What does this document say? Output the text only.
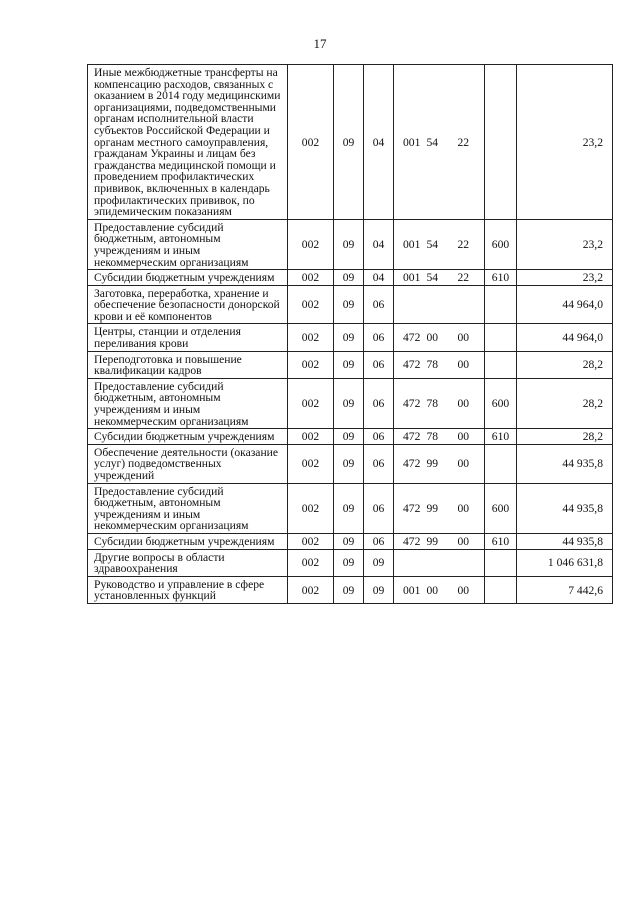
17
Иные межбюджетные трансферты на компенсацию расходов, связанных с оказанием в 2014 году медицинскими организациями, подведомственными органам исполнительной власти субъектов Российской Федерации и органам местного самоуправления, гражданам Украины и лицам без гражданства медицинской помощи и проведением профилактических прививок, включенных в календарь профилактических прививок, по эпидемическим показаниям	002	09	04	001	54	22		23,2
Предоставление субсидий бюджетным, автономным учреждениям и иным некоммерческим организациям	002	09	04	001	54	22	600	23,2
Субсидии бюджетным учреждениям	002	09	04	001	54	22	610	23,2
Заготовка, переработка, хранение и обеспечение безопасности донорской крови и её компонентов	002	09	06					44 964,0
Центры, станции и отделения переливания крови	002	09	06	472	00	00		44 964,0
Переподготовка и повышение квалификации кадров	002	09	06	472	78	00		28,2
Предоставление субсидий бюджетным, автономным учреждениям и иным некоммерческим организациям	002	09	06	472	78	00	600	28,2
Субсидии бюджетным учреждениям	002	09	06	472	78	00	610	28,2
Обеспечение деятельности (оказание услуг) подведомственных учреждений	002	09	06	472	99	00		44 935,8
Предоставление субсидий бюджетным, автономным учреждениям и иным некоммерческим организациям	002	09	06	472	99	00	600	44 935,8
Субсидии бюджетным учреждениям	002	09	06	472	99	00	610	44 935,8
Другие вопросы в области здравоохранения	002	09	09					1 046 631,8
Руководство и управление в сфере установленных функций	002	09	09	001	00	00		7 442,6
